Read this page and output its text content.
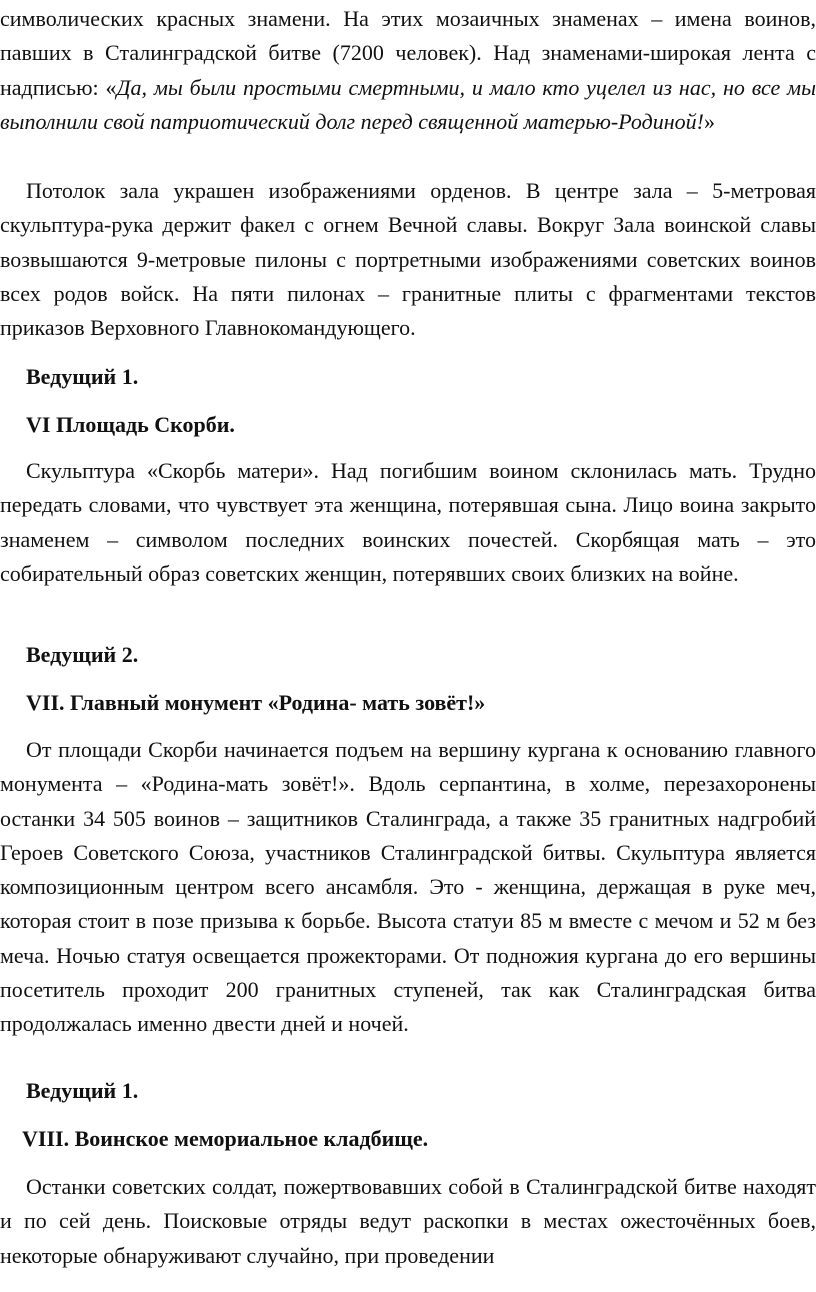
символических красных знамени. На этих мозаичных знаменах – имена воинов, павших в Сталинградской битве (7200 человек). Над знаменами-широкая лента с надписью: «Да, мы были простыми смертными, и мало кто уцелел из нас, но все мы выполнили свой патриотический долг перед священной матерью-Родиной!»

Потолок зала украшен изображениями орденов. В центре зала – 5-метровая скульптура-рука держит факел с огнем Вечной славы. Вокруг Зала воинской славы возвышаются 9-метровые пилоны с портретными изображениями советских воинов всех родов войск. На пяти пилонах – гранитные плиты с фрагментами текстов приказов Верховного Главнокомандующего.

Ведущий 1.

VI Площадь Скорби.

Скульптура «Скорбь матери». Над погибшим воином склонилась мать. Трудно передать словами, что чувствует эта женщина, потерявшая сына. Лицо воина закрыто знаменем – символом последних воинских почестей. Скорбящая мать – это собирательный образ советских женщин, потерявших своих близких на войне.

Ведущий 2.

VII. Главный монумент «Родина- мать зовёт!»

От площади Скорби начинается подъем на вершину кургана к основанию главного монумента – «Родина-мать зовёт!». Вдоль серпантина, в холме, перезахоронены останки 34 505 воинов – защитников Сталинграда, а также 35 гранитных надгробий Героев Советского Союза, участников Сталинградской битвы. Скульптура является композиционным центром всего ансамбля. Это - женщина, держащая в руке меч, которая стоит в позе призыва к борьбе. Высота статуи 85 м вместе с мечом и 52 м без меча. Ночью статуя освещается прожекторами. От подножия кургана до его вершины посетитель проходит 200 гранитных ступеней, так как Сталинградская битва продолжалась именно двести дней и ночей.

Ведущий 1.

VIII. Воинское мемориальное кладбище.

Останки советских солдат, пожертвовавших собой в Сталинградской битве находят и по сей день. Поисковые отряды ведут раскопки в местах ожесточённых боев, некоторые обнаруживают случайно, при проведении
